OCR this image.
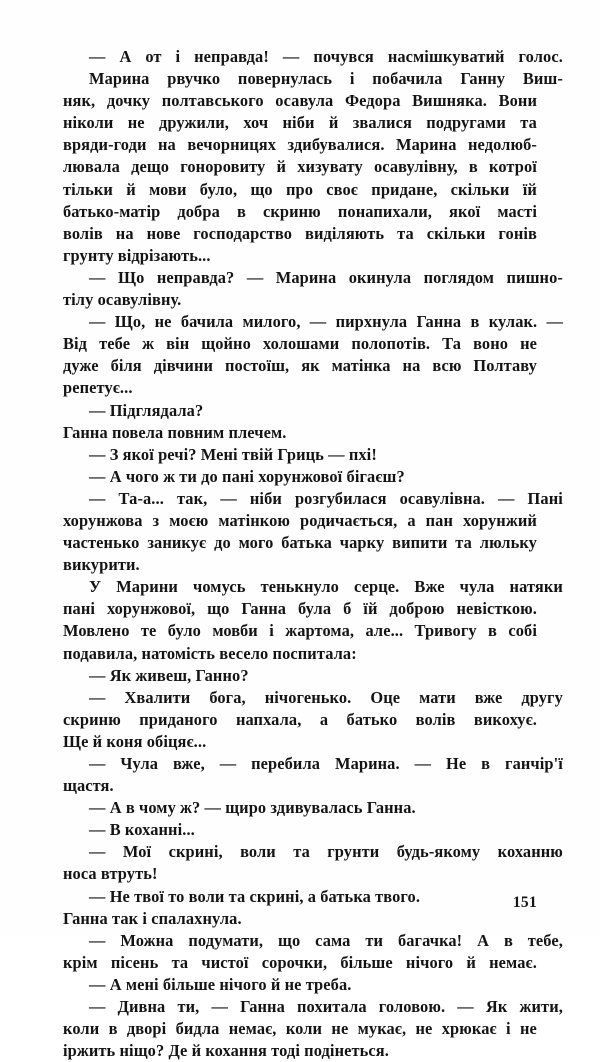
— А от і неправда! — почувся насмішкуватий голос.
Марина рвучко повернулась і побачила Ганну Виш-
няк, дочку полтавського осавула Федора Вишняка. Вони
ніколи не дружили, хоч ніби й звалися подругами та
вряди-годи на вечорницях здибувалися. Марина недолюб-
лювала дещо гоноровиту й хизувату осавулівну, в котрої
тільки й мови було, що про своє придане, скільки їй
батько-матір добра в скриню понапихали, якої масті
волів на нове господарство виділяють та скільки гонів
грунту відрізають...
— Що неправда? — Марина окинула поглядом пишно-
тілу осавулівну.
— Що, не бачила милого, — пирхнула Ганна в кулак. —
Від тебе ж він щойно холошами полопотів. Та воно не
дуже біля дівчини постоїш, як матінка на всю Полтаву
репетує...
— Підглядала?
Ганна повела повним плечем.
— З якої речі? Мені твій Гриць — пхі!
— А чого ж ти до пані хорунжової бігаєш?
— Та-а... так, — ніби розгубилася осавулівна. — Пані
хорунжова з моєю матінкою родичається, а пан хорунжий
частенько заникує до мого батька чарку випити та люльку
викурити.
У Марини чомусь тенькнуло серце. Вже чула натяки
пані хорунжової, що Ганна була б їй доброю невісткою.
Мовлено те було мовби і жартома, але... Тривогу в собі
подавила, натомість весело поспитала:
— Як живеш, Ганно?
— Хвалити бога, нічогенько. Оце мати вже другу
скриню приданого напхала, а батько волів викохує.
Ще й коня обіцяє...
— Чула вже, — перебила Марина. — Не в ганчір'ї
щастя.
— А в чому ж? — щиро здивувалась Ганна.
— В коханні...
— Мої скрині, воли та грунти будь-якому коханню
носа втруть!
— Не твої то воли та скрині, а батька твого.
Ганна так і спалахнула.
— Можна подумати, що сама ти багачка! А в тебе,
крім пісень та чистої сорочки, більше нічого й немає.
— А мені більше нічого й не треба.
— Дивна ти, — Ганна похитала головою. — Як жити,
коли в дворі бидла немає, коли не мукає, не хрюкає і не
іржить ніщо? Де й кохання тоді подінеться.
151
